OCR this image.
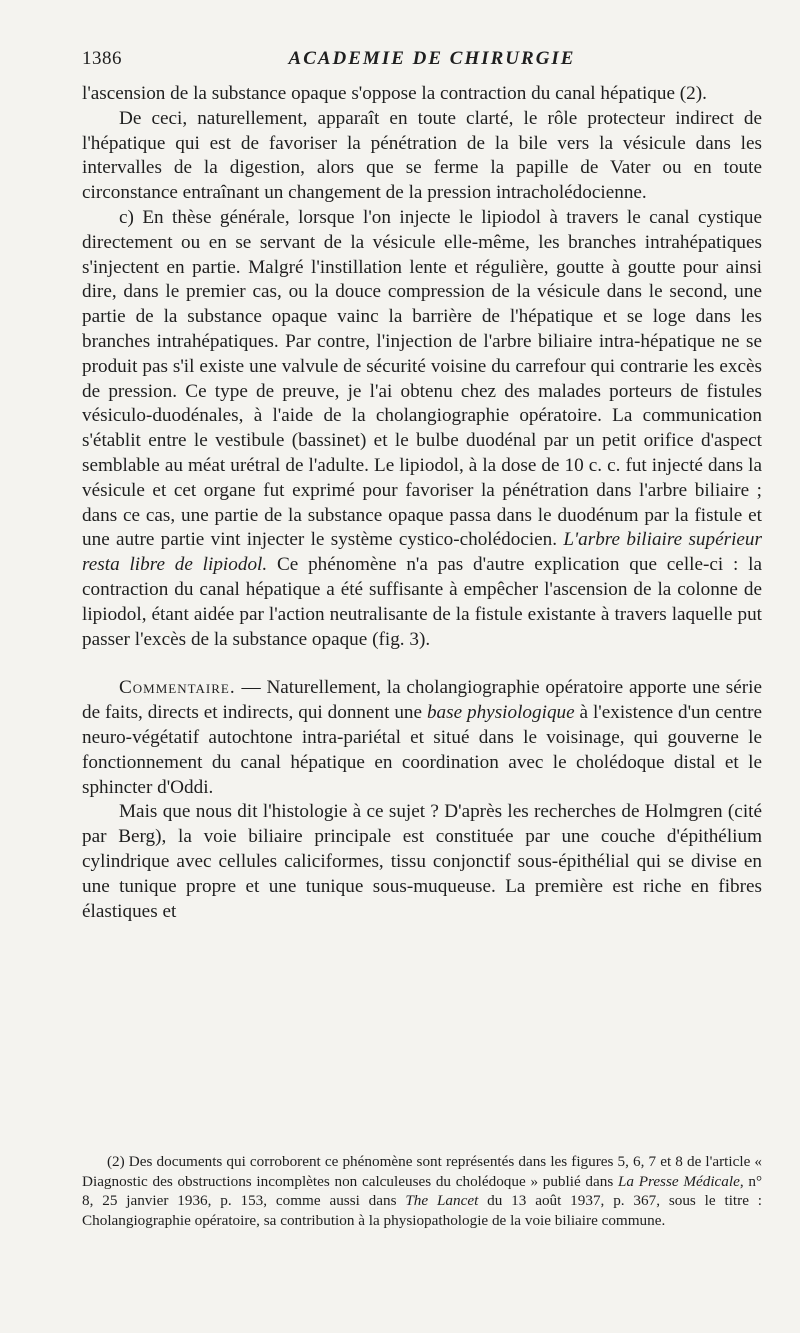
1386	ACADEMIE DE CHIRURGIE

l'ascension de la substance opaque s'oppose la contraction du canal hépatique (2).

De ceci, naturellement, apparaît en toute clarté, le rôle protecteur indirect de l'hépatique qui est de favoriser la pénétration de la bile vers la vésicule dans les intervalles de la digestion, alors que se ferme la papille de Vater ou en toute circonstance entraînant un changement de la pression intracholédocienne.

c) En thèse générale, lorsque l'on injecte le lipiodol à travers le canal cystique directement ou en se servant de la vésicule elle-même, les branches intrahépatiques s'injectent en partie. Malgré l'instillation lente et régulière, goutte à goutte pour ainsi dire, dans le premier cas, ou la douce compression de la vésicule dans le second, une partie de la substance opaque vainc la barrière de l'hépatique et se loge dans les branches intrahépatiques. Par contre, l'injection de l'arbre biliaire intra-hépatique ne se produit pas s'il existe une valvule de sécurité voisine du carrefour qui contrarie les excès de pression. Ce type de preuve, je l'ai obtenu chez des malades porteurs de fistules vésiculo-duodénales, à l'aide de la cholangiographie opératoire. La communication s'établit entre le vestibule (bassinet) et le bulbe duodénal par un petit orifice d'aspect semblable au méat urétral de l'adulte. Le lipiodol, à la dose de 10 c. c. fut injecté dans la vésicule et cet organe fut exprimé pour favoriser la pénétration dans l'arbre biliaire ; dans ce cas, une partie de la substance opaque passa dans le duodénum par la fistule et une autre partie vint injecter le système cystico-cholédocien. L'arbre biliaire supérieur resta libre de lipiodol. Ce phénomène n'a pas d'autre explication que celle-ci : la contraction du canal hépatique a été suffisante à empêcher l'ascension de la colonne de lipiodol, étant aidée par l'action neutralisante de la fistule existante à travers laquelle put passer l'excès de la substance opaque (fig. 3).

Commentaire. — Naturellement, la cholangiographie opératoire apporte une série de faits, directs et indirects, qui donnent une base physiologique à l'existence d'un centre neuro-végétatif autochtone intra-pariétal et situé dans le voisinage, qui gouverne le fonctionnement du canal hépatique en coordination avec le cholédoque distal et le sphincter d'Oddi.

Mais que nous dit l'histologie à ce sujet ? D'après les recherches de Holmgren (cité par Berg), la voie biliaire principale est constituée par une couche d'épithélium cylindrique avec cellules caliciformes, tissu conjonctif sous-épithélial qui se divise en une tunique propre et une tunique sous-muqueuse. La première est riche en fibres élastiques et

(2) Des documents qui corroborent ce phénomène sont représentés dans les figures 5, 6, 7 et 8 de l'article « Diagnostic des obstructions incomplètes non calculeuses du cholédoque » publié dans La Presse Médicale, n° 8, 25 janvier 1936, p. 153, comme aussi dans The Lancet du 13 août 1937, p. 367, sous le titre : Cholangiographie opératoire, sa contribution à la physiopathologie de la voie biliaire commune.
